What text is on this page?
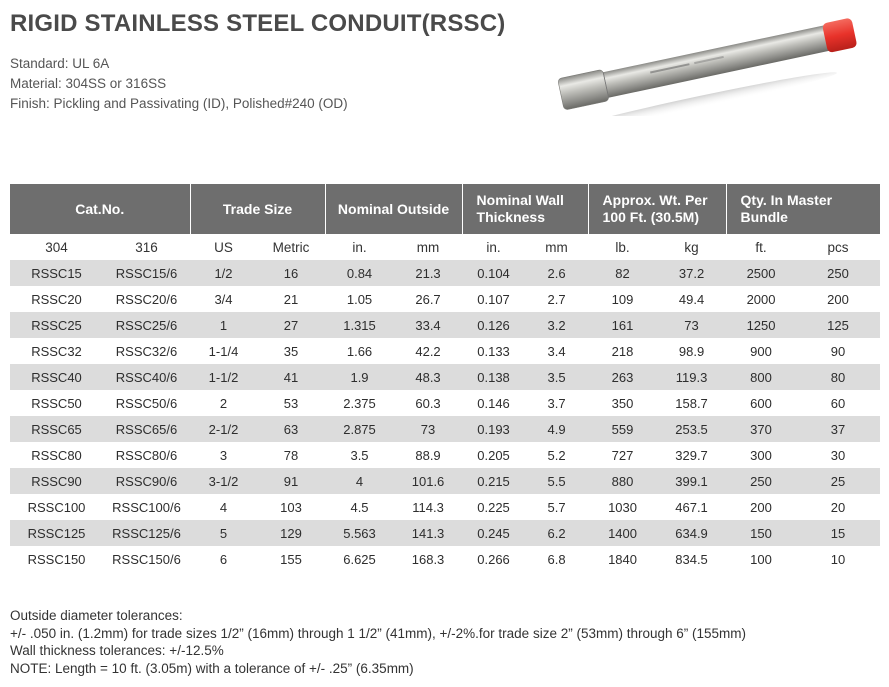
RIGID STAINLESS STEEL CONDUIT(RSSC)
Standard: UL 6A
Material: 304SS or 316SS
Finish: Pickling and Passivating (ID), Polished#240 (OD)
Cat.No.		Trade Size		Nominal Outside		Nominal Wall Thickness		Approx. Wt. Per 100 Ft. (30.5M)		Qty. In Master Bundle	
304	316	US	Metric	in.	mm	in.	mm	lb.	kg	ft.	pcs
RSSC15	RSSC15/6	1/2	16	0.84	21.3	0.104	2.6	82	37.2	2500	250
RSSC20	RSSC20/6	3/4	21	1.05	26.7	0.107	2.7	109	49.4	2000	200
RSSC25	RSSC25/6	1	27	1.315	33.4	0.126	3.2	161	73	1250	125
RSSC32	RSSC32/6	1-1/4	35	1.66	42.2	0.133	3.4	218	98.9	900	90
RSSC40	RSSC40/6	1-1/2	41	1.9	48.3	0.138	3.5	263	119.3	800	80
RSSC50	RSSC50/6	2	53	2.375	60.3	0.146	3.7	350	158.7	600	60
RSSC65	RSSC65/6	2-1/2	63	2.875	73	0.193	4.9	559	253.5	370	37
RSSC80	RSSC80/6	3	78	3.5	88.9	0.205	5.2	727	329.7	300	30
RSSC90	RSSC90/6	3-1/2	91	4	101.6	0.215	5.5	880	399.1	250	25
RSSC100	RSSC100/6	4	103	4.5	114.3	0.225	5.7	1030	467.1	200	20
RSSC125	RSSC125/6	5	129	5.563	141.3	0.245	6.2	1400	634.9	150	15
RSSC150	RSSC150/6	6	155	6.625	168.3	0.266	6.8	1840	834.5	100	10
Outside diameter tolerances:
+/- .050 in. (1.2mm) for trade sizes 1/2” (16mm) through 1 1/2” (41mm), +/-2%.for trade size 2” (53mm) through 6” (155mm)
Wall thickness tolerances: +/-12.5%
NOTE: Length = 10 ft. (3.05m) with a tolerance of +/- .25” (6.35mm)
